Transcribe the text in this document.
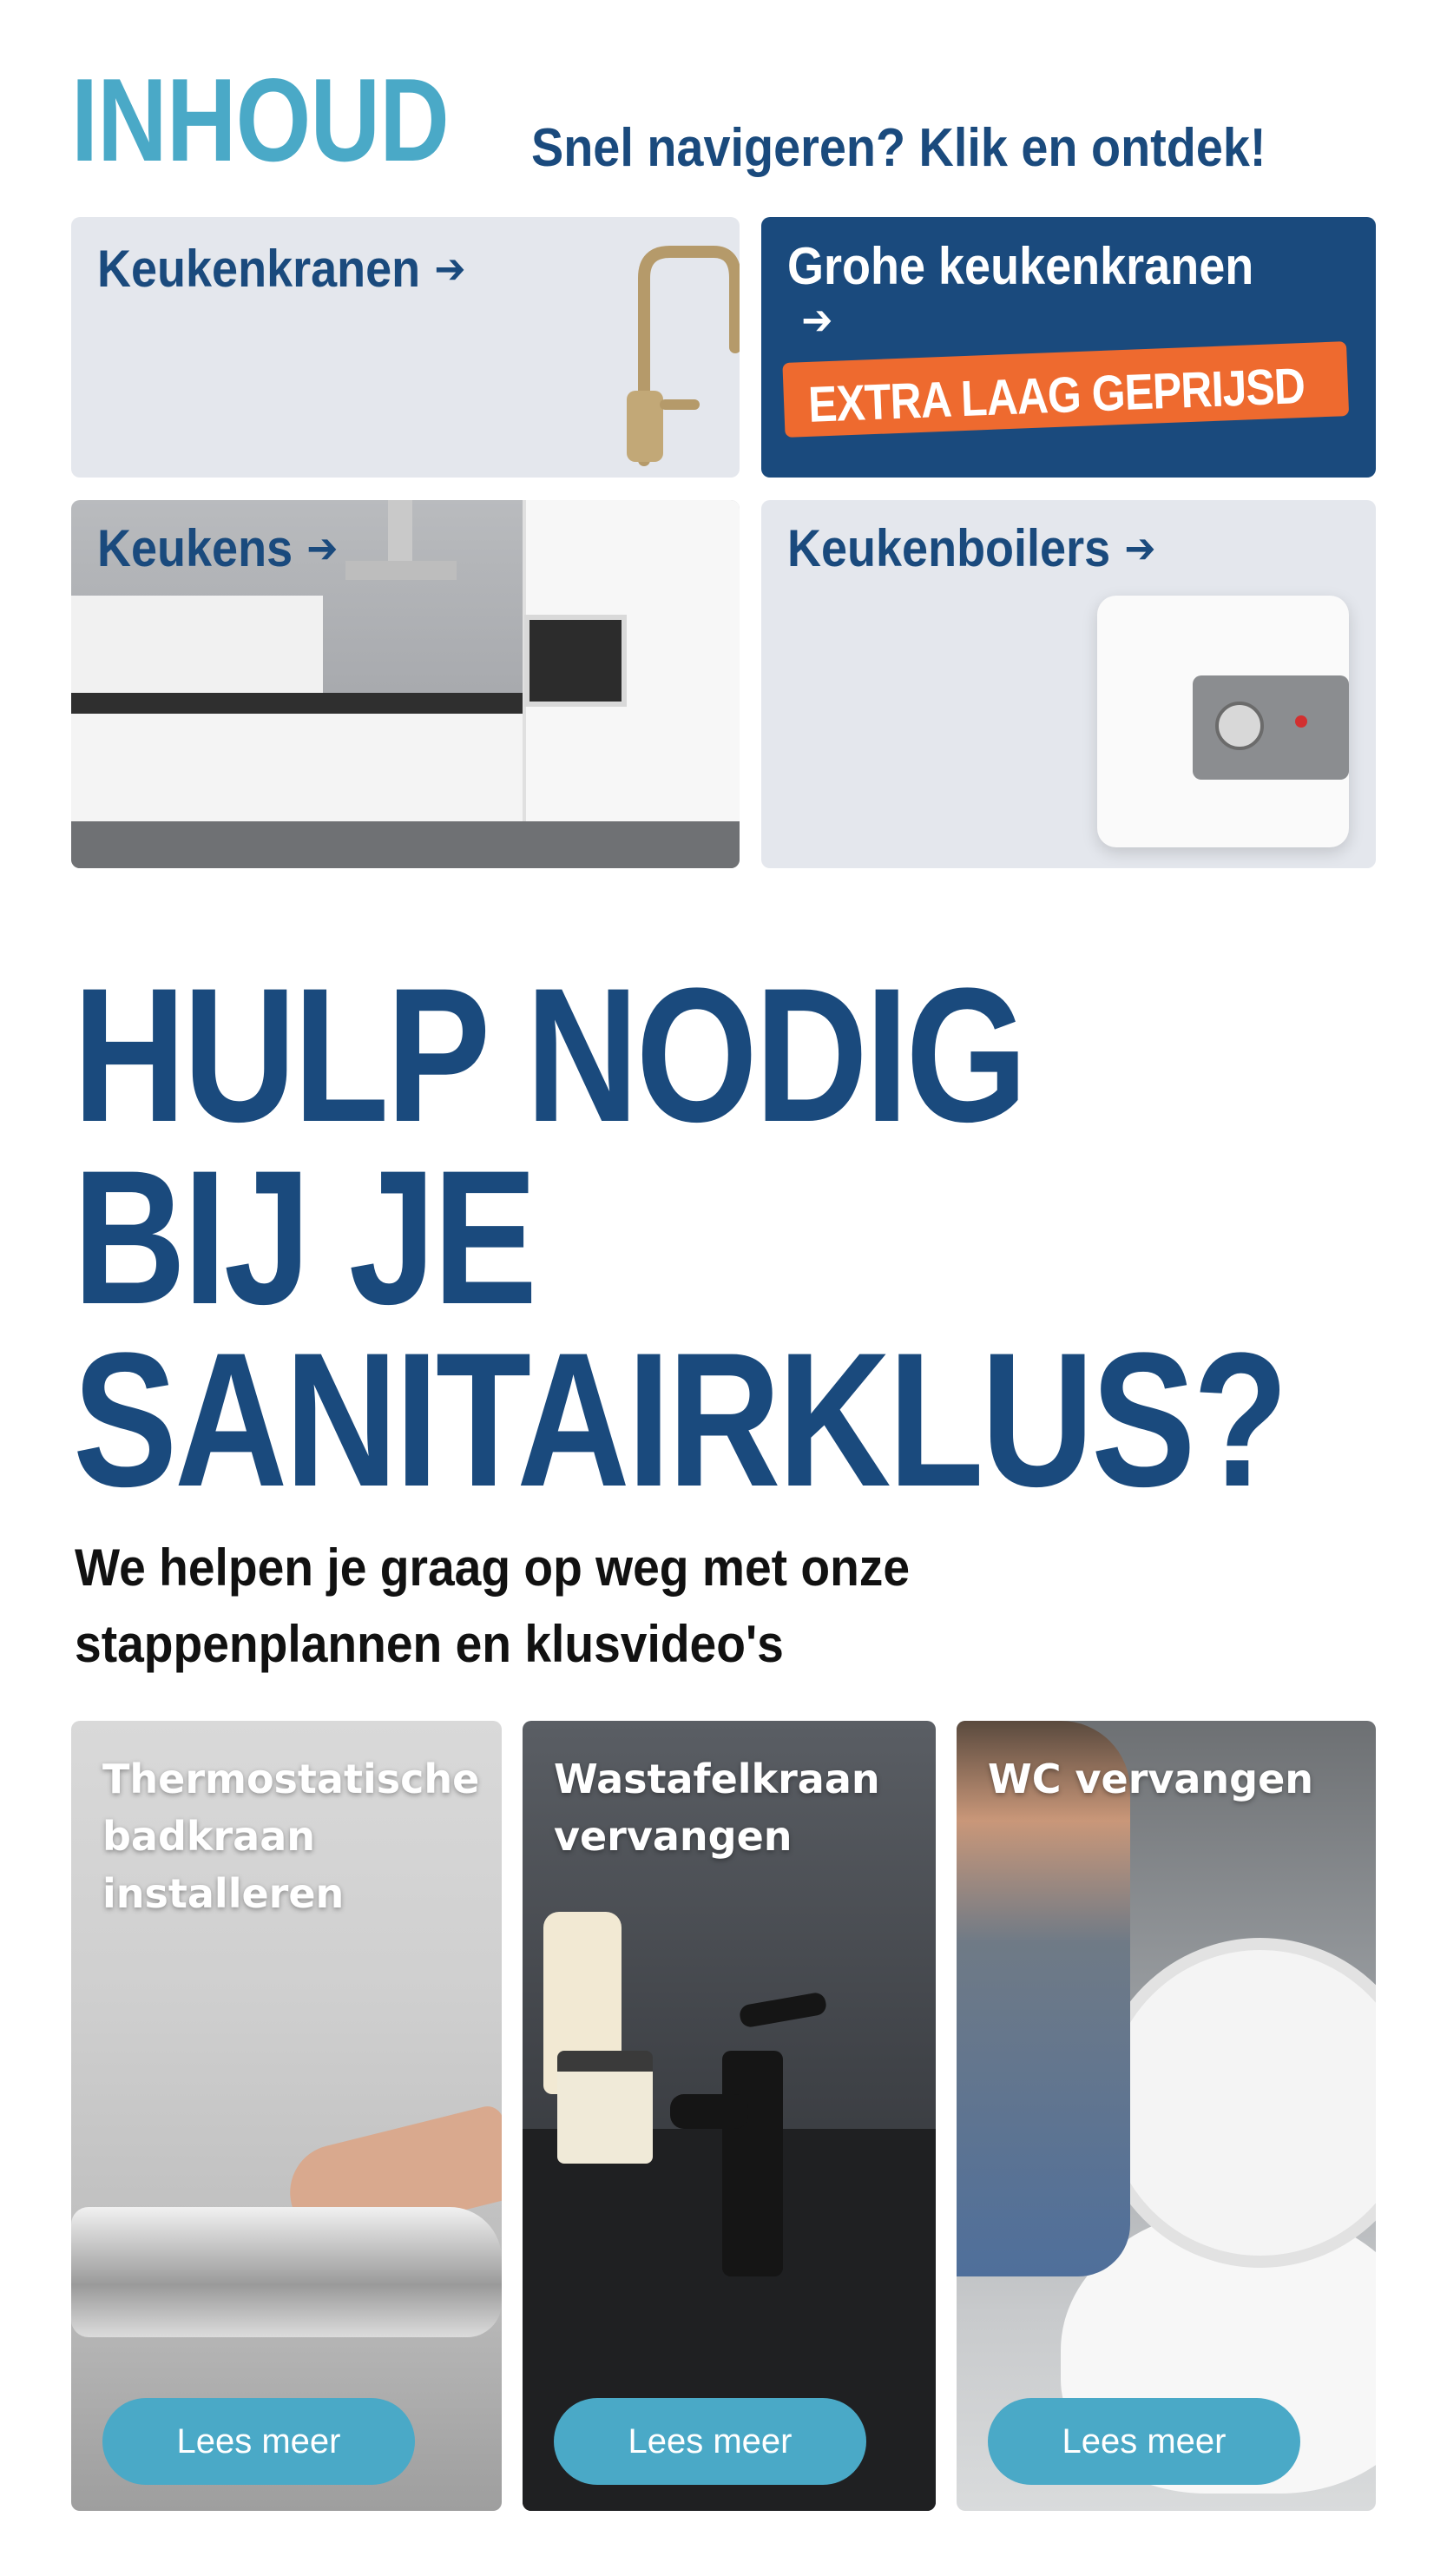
INHOUD Snel navigeren? Klik en ontdek!
Keukenkranen ➔	Grohe keukenkranen➔
EXTRA LAAG GEPRIJSD
Keukens ➔	Keukenboilers ➔
HULP NODIG
BIJ JE
SANITAIRKLUS?
We helpen je graag op weg met onze
stappenplannen en klusvideo's
Thermostatische
badkraan
installeren
Lees meer
Wastafelkraan
vervangen
Lees meer
WC vervangen
Lees meer
